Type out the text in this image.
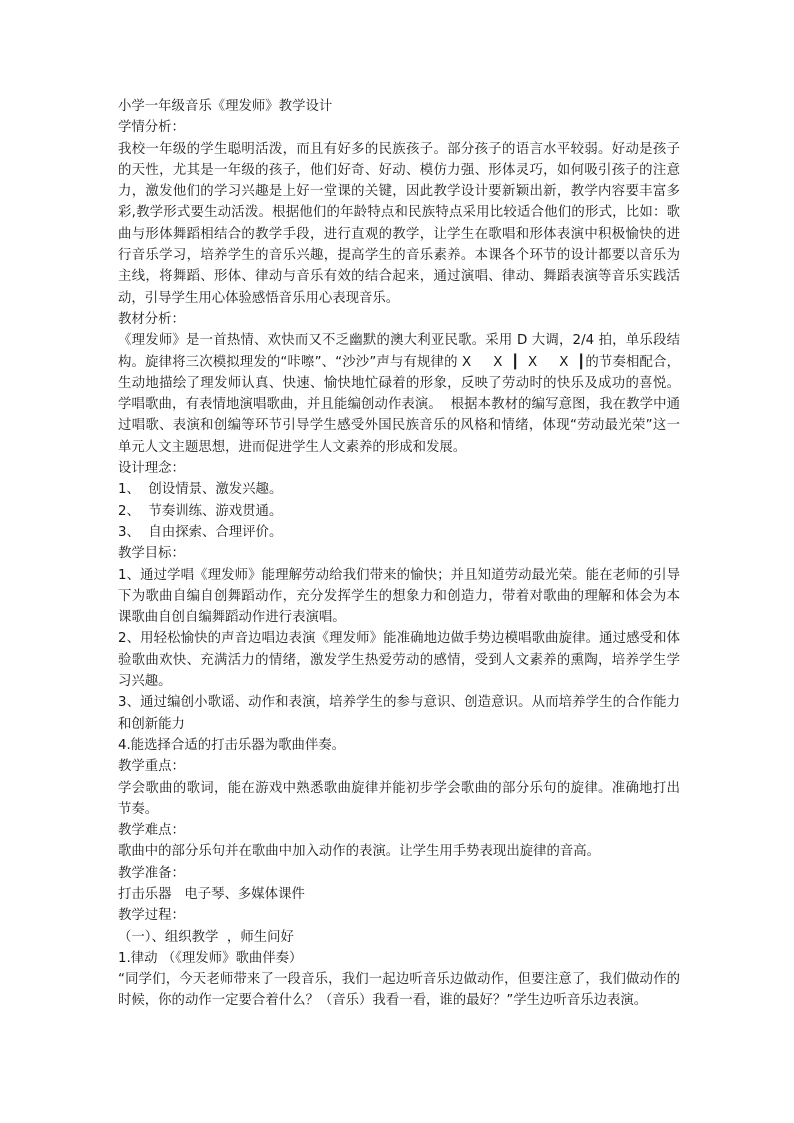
小学一年级音乐《理发师》教学设计

学情分析：

我校一年级的学生聪明活泼，而且有好多的民族孩子。部分孩子的语言水平较弱。好动是孩子的天性，尤其是一年级的孩子，他们好奇、好动、模仿力强、形体灵巧，如何吸引孩子的注意力，激发他们的学习兴趣是上好一堂课的关键，因此教学设计要新颖出新，教学内容要丰富多彩,教学形式要生动活泼。根据他们的年龄特点和民族特点采用比较适合他们的形式，比如：歌曲与形体舞蹈相结合的教学手段，进行直观的教学，让学生在歌唱和形体表演中积极愉快的进行音乐学习，培养学生的音乐兴趣，提高学生的音乐素养。本课各个环节的设计都要以音乐为主线，将舞蹈、形体、律动与音乐有效的结合起来，通过演唱、律动、舞蹈表演等音乐实践活动，引导学生用心体验感悟音乐用心表现音乐。

教材分析：

《理发师》是一首热情、欢快而又不乏幽默的澳大利亚民歌。采用 D 大调，2/4 拍，单乐段结构。旋律将三次模拟理发的“咔嚓”、“沙沙”声与有规律的 X     X  ┃  X     X  ┃的节奏相配合，生动地描绘了理发师认真、快速、愉快地忙碌着的形象，反映了劳动时的快乐及成功的喜悦。学唱歌曲，有表情地演唱歌曲，并且能编创动作表演。  根据本教材的编写意图，我在教学中通过唱歌、表演和创编等环节引导学生感受外国民族音乐的风格和情绪，体现“劳动最光荣”这一单元人文主题思想，进而促进学生人文素养的形成和发展。

设计理念：

1、  创设情景、激发兴趣。

2、  节奏训练、游戏贯通。

3、  自由探索、合理评价。

教学目标：

1、通过学唱《理发师》能理解劳动给我们带来的愉快；并且知道劳动最光荣。能在老师的引导下为歌曲自编自创舞蹈动作，充分发挥学生的想象力和创造力，带着对歌曲的理解和体会为本课歌曲自创自编舞蹈动作进行表演唱。

2、用轻松愉快的声音边唱边表演《理发师》能准确地边做手势边模唱歌曲旋律。通过感受和体验歌曲欢快、充满活力的情绪，激发学生热爱劳动的感情，受到人文素养的熏陶，培养学生学习兴趣。

3、通过编创小歌谣、动作和表演，培养学生的参与意识、创造意识。从而培养学生的合作能力和创新能力

4.能选择合适的打击乐器为歌曲伴奏。

教学重点：

学会歌曲的歌词，能在游戏中熟悉歌曲旋律并能初步学会歌曲的部分乐句的旋律。准确地打出节奏。

教学难点：

歌曲中的部分乐句并在歌曲中加入动作的表演。让学生用手势表现出旋律的音高。

教学准备：

打击乐器   电子琴、多媒体课件

教学过程：

（一）、组织教学  ，师生问好

1.律动 （《理发师》歌曲伴奏）

“同学们，今天老师带来了一段音乐，我们一起边听音乐边做动作，但要注意了，我们做动作的时候，你的动作一定要合着什么？（音乐）我看一看，谁的最好？”学生边听音乐边表演。
